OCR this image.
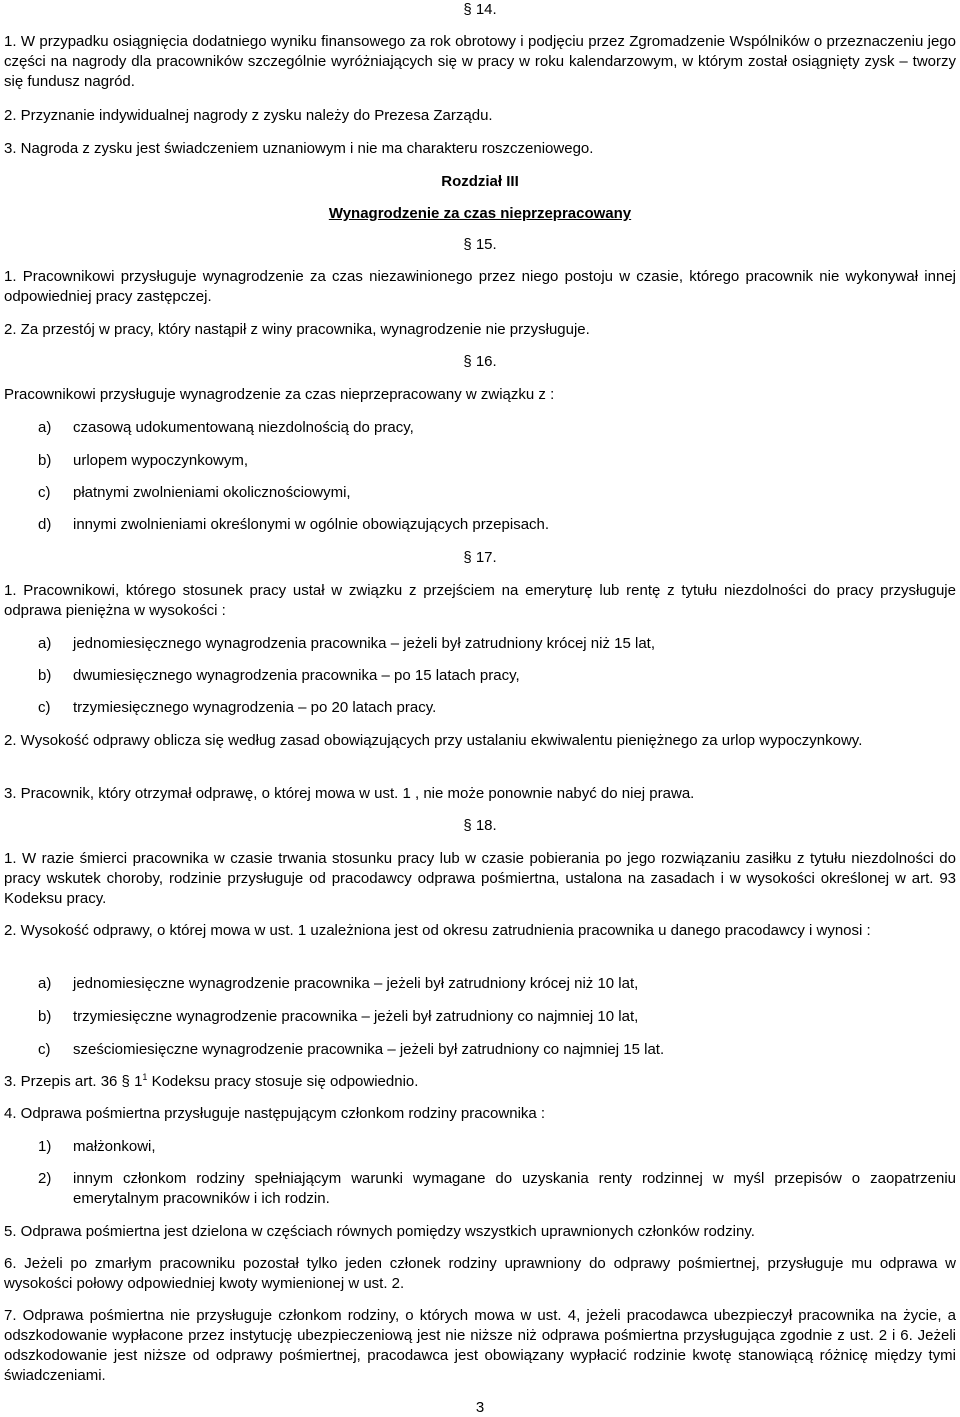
§ 14.

1. W przypadku osiągnięcia dodatniego wyniku finansowego za rok obrotowy i podjęciu przez Zgromadzenie Wspólników o przeznaczeniu jego części na nagrody dla pracowników szczególnie wyróżniających się w pracy w roku kalendarzowym, w którym został osiągnięty zysk – tworzy się fundusz nagród.

2. Przyznanie indywidualnej nagrody z zysku należy do Prezesa Zarządu.

3. Nagroda z zysku jest świadczeniem uznaniowym i nie ma charakteru roszczeniowego.

Rozdział III
Wynagrodzenie za czas nieprzepracowany
§ 15.

1. Pracownikowi przysługuje wynagrodzenie za czas niezawinionego przez niego postoju w czasie, którego pracownik nie wykonywał innej odpowiedniej pracy zastępczej.

2. Za przestój w pracy, który nastąpił z winy pracownika, wynagrodzenie nie przysługuje.

§ 16.

Pracownikowi przysługuje wynagrodzenie za czas nieprzepracowany w związku z :

a) czasową udokumentowaną niezdolnością do pracy,
b) urlopem wypoczynkowym,
c) płatnymi zwolnieniami okolicznościowymi,
d) innymi zwolnieniami określonymi w ogólnie obowiązujących przepisach.
§ 17.

1. Pracownikowi, którego stosunek pracy ustał w związku z przejściem na emeryturę lub rentę z tytułu niezdolności do pracy przysługuje odprawa pieniężna w wysokości :

a) jednomiesięcznego wynagrodzenia pracownika – jeżeli był zatrudniony krócej niż 15 lat,
b) dwumiesięcznego wynagrodzenia pracownika – po 15 latach pracy,
c) trzymiesięcznego wynagrodzenia – po 20 latach pracy.

2. Wysokość odprawy oblicza się według zasad obowiązujących przy ustalaniu ekwiwalentu pieniężnego za urlop wypoczynkowy.

3. Pracownik, który otrzymał odprawę, o której mowa w ust. 1 , nie może ponownie nabyć do niej prawa.

§ 18.

1. W razie śmierci pracownika w czasie trwania stosunku pracy lub w czasie pobierania po jego rozwiązaniu zasiłku z tytułu niezdolności do pracy wskutek choroby, rodzinie przysługuje od pracodawcy odprawa pośmiertna, ustalona na zasadach i w wysokości określonej w art. 93 Kodeksu pracy.

2. Wysokość odprawy, o której mowa w ust. 1 uzależniona jest od okresu zatrudnienia pracownika u danego pracodawcy i wynosi :

a) jednomiesięczne wynagrodzenie pracownika – jeżeli był zatrudniony krócej niż 10 lat,
b) trzymiesięczne wynagrodzenie pracownika – jeżeli był zatrudniony co najmniej 10 lat,
c) sześciomiesięczne wynagrodzenie pracownika – jeżeli był zatrudniony co najmniej 15 lat.

3. Przepis art. 36 § $1^1$ Kodeksu pracy stosuje się odpowiednio.

4. Odprawa pośmiertna przysługuje następującym członkom rodziny pracownika :

1) małżonkowi,
2) innym członkom rodziny spełniającym warunki wymagane do uzyskania renty rodzinnej w myśl przepisów o zaopatrzeniu emerytalnym pracowników i ich rodzin.

5. Odprawa pośmiertna jest dzielona w częściach równych pomiędzy wszystkich uprawnionych członków rodziny.

6. Jeżeli po zmarłym pracowniku pozostał tylko jeden członek rodziny uprawniony do odprawy pośmiertnej, przysługuje mu odprawa w wysokości połowy odpowiedniej kwoty wymienionej w ust. 2.

7. Odprawa pośmiertna nie przysługuje członkom rodziny, o których mowa w ust. 4, jeżeli pracodawca ubezpieczył pracownika na życie, a odszkodowanie wypłacone przez instytucję ubezpieczeniową jest nie niższe niż odprawa pośmiertna przysługująca zgodnie z ust. 2 i 6. Jeżeli odszkodowanie jest niższe od odprawy pośmiertnej, pracodawca jest obowiązany wypłacić rodzinie kwotę stanowiącą różnicę między tymi świadczeniami.

3
